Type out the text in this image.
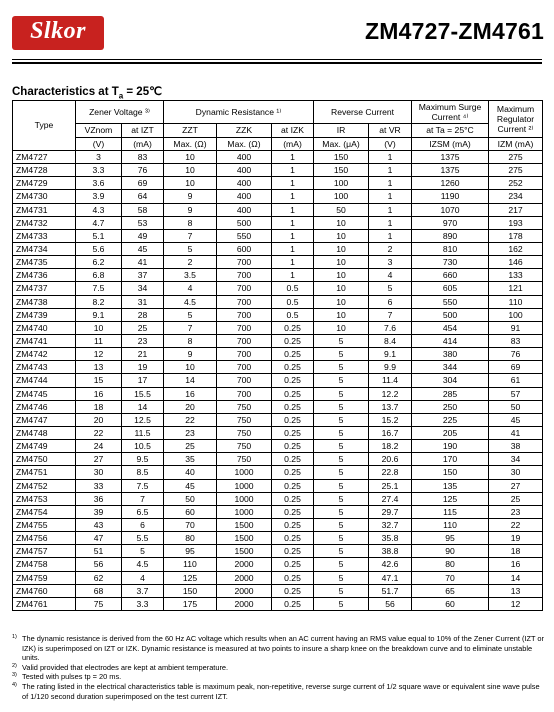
Slkor	ZM4727-ZM4761
Characteristics at $T_a$ = 25℃
Type	Zener Voltage ³⁾		Dynamic Resistance ¹⁾			Reverse Current		Maximum Surge Current ⁴⁾	Maximum Regulator Current ²⁾
	VZnom	at IZT	ZZT	ZZK	at IZK	IR	at VR	at Ta = 25°C	
	(V)	(mA)	Max. (Ω)	Max. (Ω)	(mA)	Max. (μA)	(V)	IZSM (mA)	IZM (mA)
ZM4727	3	83	10	400	1	150	1	1375	275
ZM4728	3.3	76	10	400	1	150	1	1375	275
ZM4729	3.6	69	10	400	1	100	1	1260	252
ZM4730	3.9	64	9	400	1	100	1	1190	234
ZM4731	4.3	58	9	400	1	50	1	1070	217
ZM4732	4.7	53	8	500	1	10	1	970	193
ZM4733	5.1	49	7	550	1	10	1	890	178
ZM4734	5.6	45	5	600	1	10	2	810	162
ZM4735	6.2	41	2	700	1	10	3	730	146
ZM4736	6.8	37	3.5	700	1	10	4	660	133
ZM4737	7.5	34	4	700	0.5	10	5	605	121
ZM4738	8.2	31	4.5	700	0.5	10	6	550	110
ZM4739	9.1	28	5	700	0.5	10	7	500	100
ZM4740	10	25	7	700	0.25	10	7.6	454	91
ZM4741	11	23	8	700	0.25	5	8.4	414	83
ZM4742	12	21	9	700	0.25	5	9.1	380	76
ZM4743	13	19	10	700	0.25	5	9.9	344	69
ZM4744	15	17	14	700	0.25	5	11.4	304	61
ZM4745	16	15.5	16	700	0.25	5	12.2	285	57
ZM4746	18	14	20	750	0.25	5	13.7	250	50
ZM4747	20	12.5	22	750	0.25	5	15.2	225	45
ZM4748	22	11.5	23	750	0.25	5	16.7	205	41
ZM4749	24	10.5	25	750	0.25	5	18.2	190	38
ZM4750	27	9.5	35	750	0.25	5	20.6	170	34
ZM4751	30	8.5	40	1000	0.25	5	22.8	150	30
ZM4752	33	7.5	45	1000	0.25	5	25.1	135	27
ZM4753	36	7	50	1000	0.25	5	27.4	125	25
ZM4754	39	6.5	60	1000	0.25	5	29.7	115	23
ZM4755	43	6	70	1500	0.25	5	32.7	110	22
ZM4756	47	5.5	80	1500	0.25	5	35.8	95	19
ZM4757	51	5	95	1500	0.25	5	38.8	90	18
ZM4758	56	4.5	110	2000	0.25	5	42.6	80	16
ZM4759	62	4	125	2000	0.25	5	47.1	70	14
ZM4760	68	3.7	150	2000	0.25	5	51.7	65	13
ZM4761	75	3.3	175	2000	0.25	5	56	60	12
1) The dynamic resistance is derived from the 60 Hz AC voltage which results when an AC current having an RMS value equal to 10% of the Zener Current (IZT or IZK) is superimposed on IZT or IZK. Dynamic resistance is measured at two points to insure a sharp knee on the breakdown curve and to eliminate unstable units.
2) Valid provided that electrodes are kept at ambient temperature.
3) Tested with pulses tp = 20 ms.
4) The rating listed in the electrical characteristics table is maximum peak, non-repetitive, reverse surge current of 1/2 square wave or equivalent sine wave pulse of 1/120 second duration superimposed on the test current IZT.
